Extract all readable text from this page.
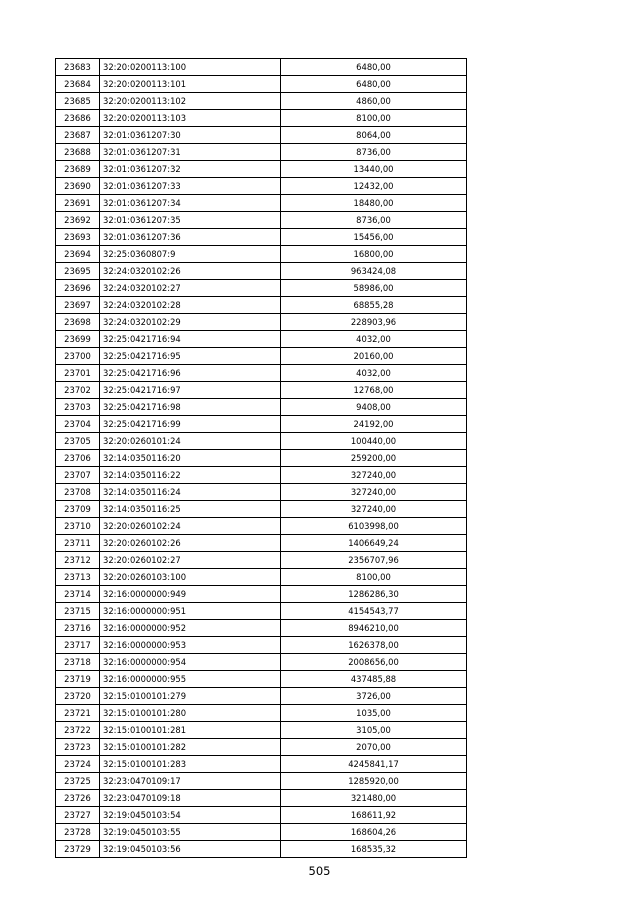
23683	32:20:0200113:100	6480,00
23684	32:20:0200113:101	6480,00
23685	32:20:0200113:102	4860,00
23686	32:20:0200113:103	8100,00
23687	32:01:0361207:30	8064,00
23688	32:01:0361207:31	8736,00
23689	32:01:0361207:32	13440,00
23690	32:01:0361207:33	12432,00
23691	32:01:0361207:34	18480,00
23692	32:01:0361207:35	8736,00
23693	32:01:0361207:36	15456,00
23694	32:25:0360807:9	16800,00
23695	32:24:0320102:26	963424,08
23696	32:24:0320102:27	58986,00
23697	32:24:0320102:28	68855,28
23698	32:24:0320102:29	228903,96
23699	32:25:0421716:94	4032,00
23700	32:25:0421716:95	20160,00
23701	32:25:0421716:96	4032,00
23702	32:25:0421716:97	12768,00
23703	32:25:0421716:98	9408,00
23704	32:25:0421716:99	24192,00
23705	32:20:0260101:24	100440,00
23706	32:14:0350116:20	259200,00
23707	32:14:0350116:22	327240,00
23708	32:14:0350116:24	327240,00
23709	32:14:0350116:25	327240,00
23710	32:20:0260102:24	6103998,00
23711	32:20:0260102:26	1406649,24
23712	32:20:0260102:27	2356707,96
23713	32:20:0260103:100	8100,00
23714	32:16:0000000:949	1286286,30
23715	32:16:0000000:951	4154543,77
23716	32:16:0000000:952	8946210,00
23717	32:16:0000000:953	1626378,00
23718	32:16:0000000:954	2008656,00
23719	32:16:0000000:955	437485,88
23720	32:15:0100101:279	3726,00
23721	32:15:0100101:280	1035,00
23722	32:15:0100101:281	3105,00
23723	32:15:0100101:282	2070,00
23724	32:15:0100101:283	4245841,17
23725	32:23:0470109:17	1285920,00
23726	32:23:0470109:18	321480,00
23727	32:19:0450103:54	168611,92
23728	32:19:0450103:55	168604,26
23729	32:19:0450103:56	168535,32
505
